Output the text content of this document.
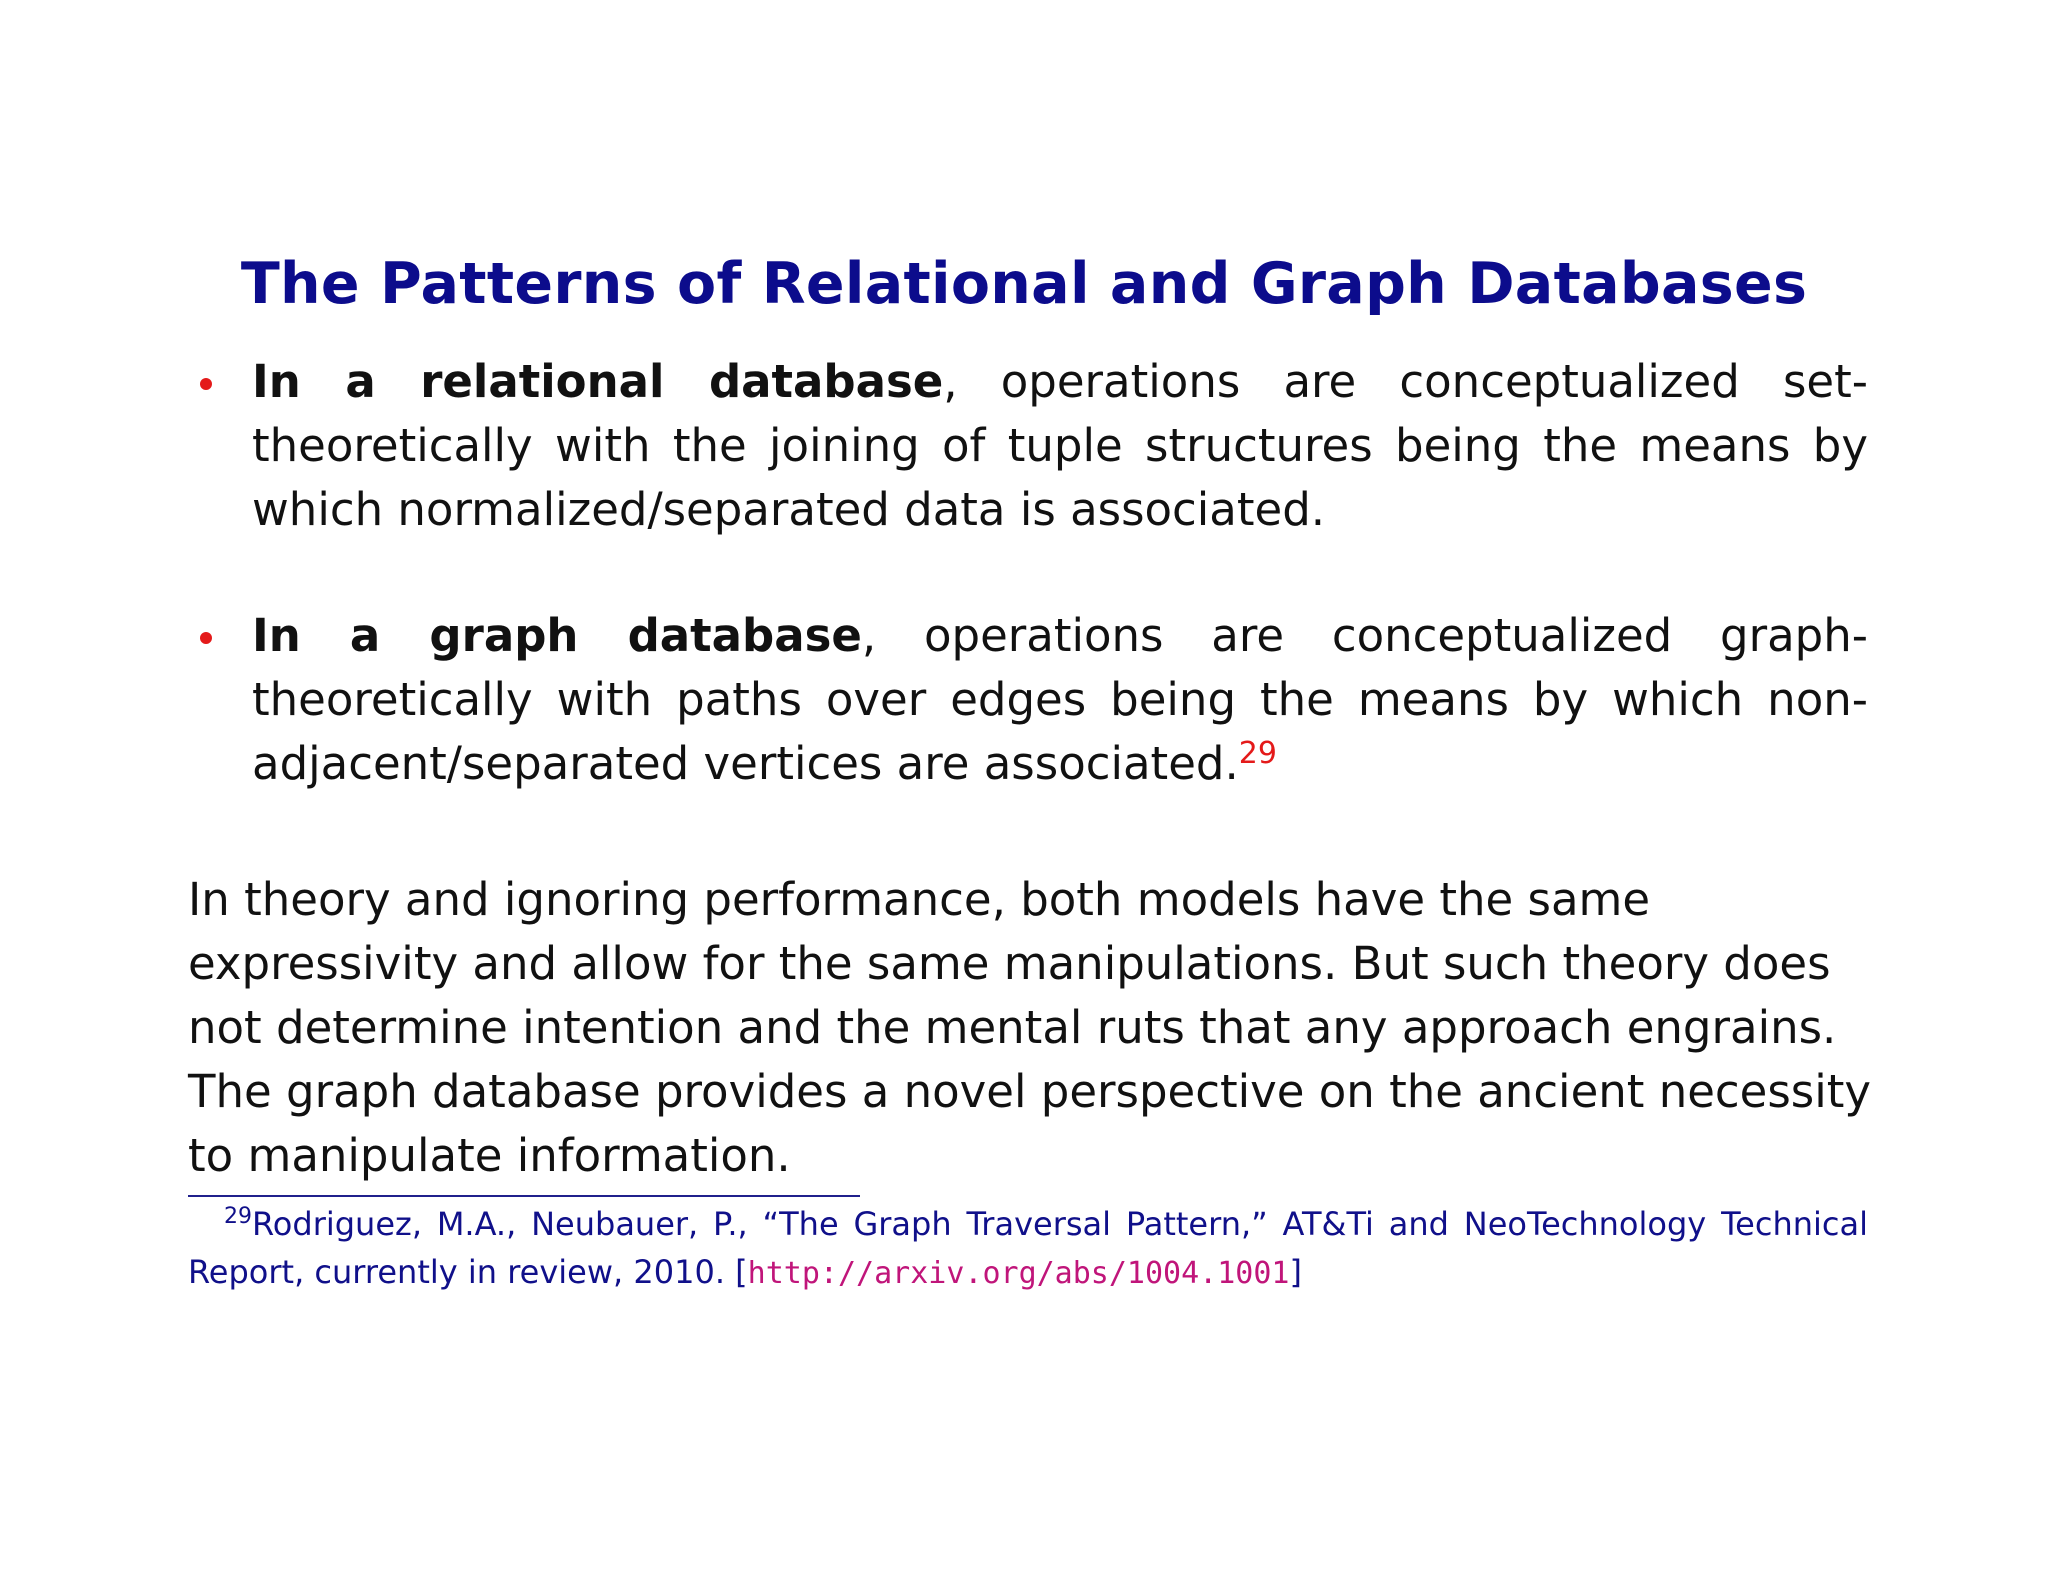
The Patterns of Relational and Graph Databases
In a relational database, operations are conceptualized set-theoretically with the joining of tuple structures being the means by which normalized/separated data is associated.
In a graph database, operations are conceptualized graph-theoretically with paths over edges being the means by which non-adjacent/separated vertices are associated.$^{29}$
In theory and ignoring performance, both models have the same expressivity and allow for the same manipulations. But such theory does not determine intention and the mental ruts that any approach engrains. The graph database provides a novel perspective on the ancient necessity to manipulate information.
$^{29}$Rodriguez, M.A., Neubauer, P., “The Graph Traversal Pattern,” AT&Ti and NeoTechnology Technical Report, currently in review, 2010. [http://arxiv.org/abs/1004.1001]
